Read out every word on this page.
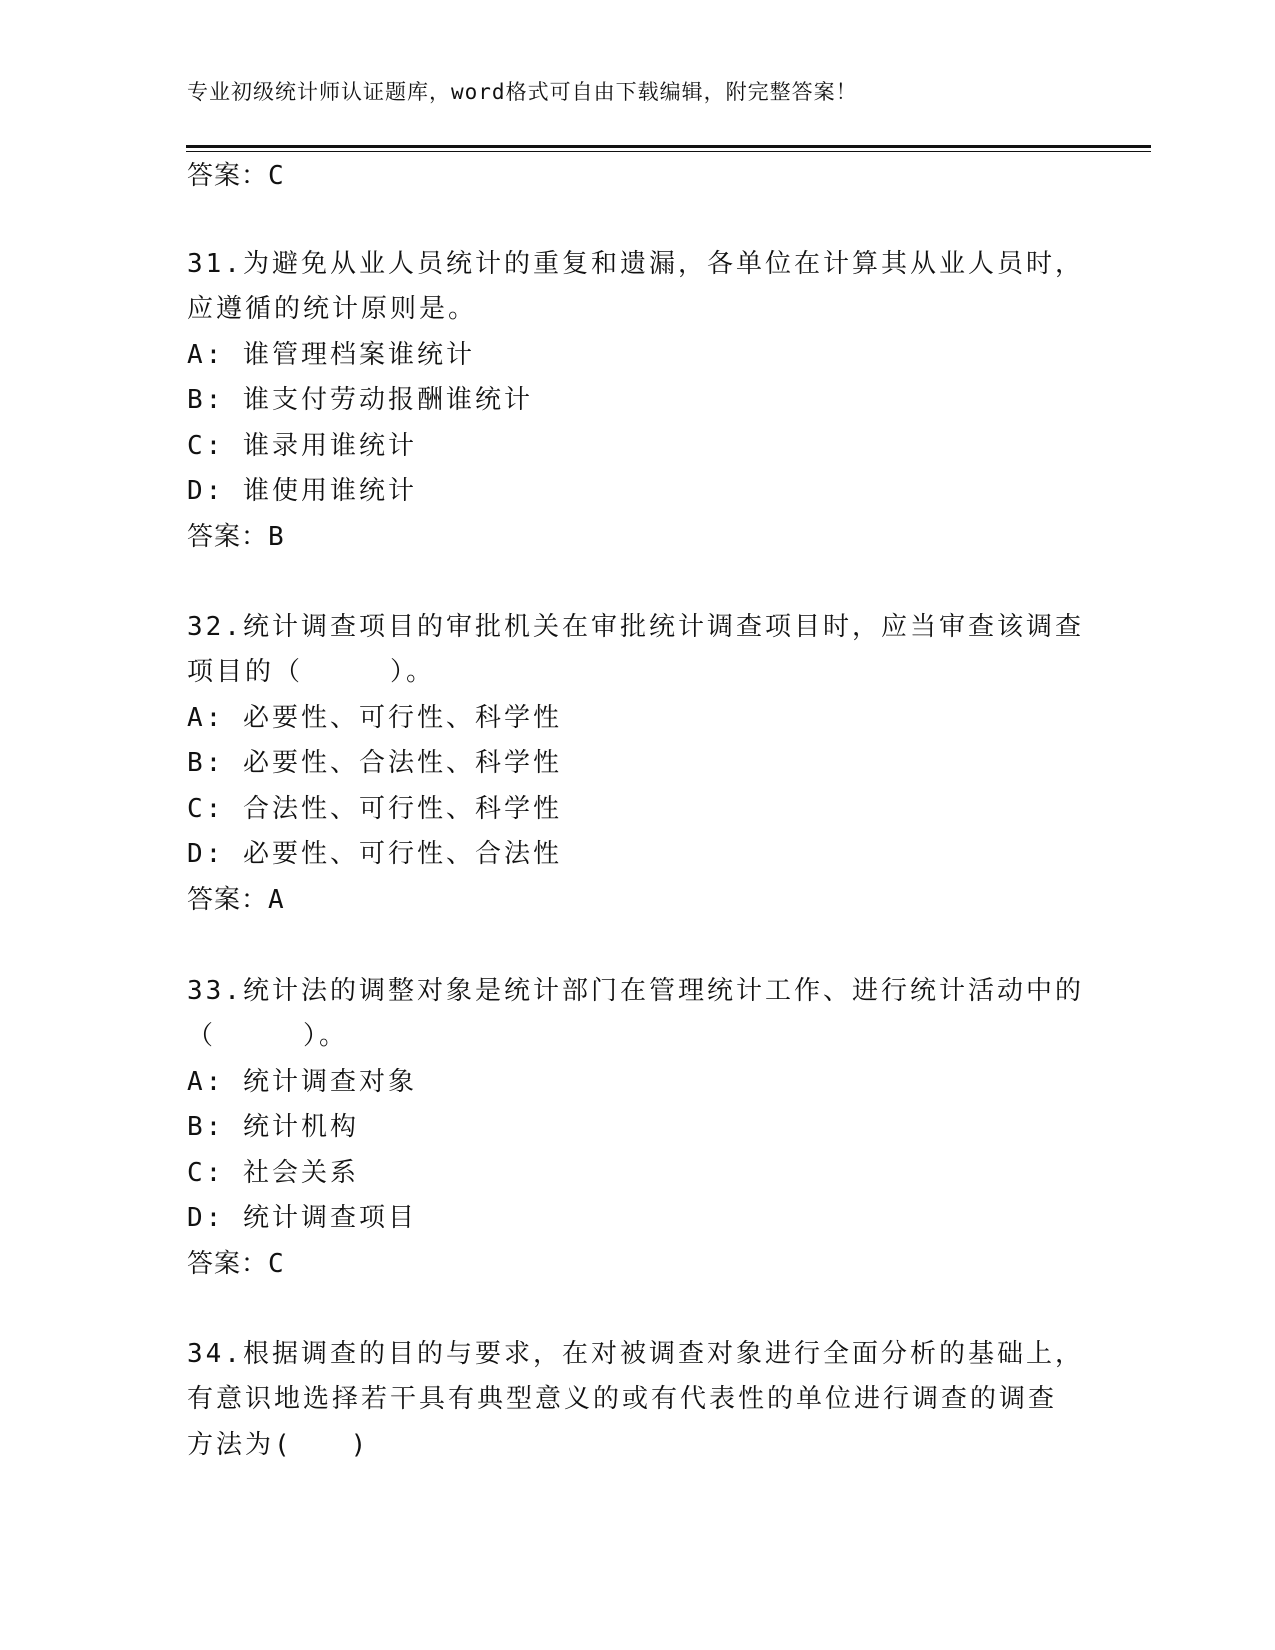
专业初级统计师认证题库，word格式可自由下载编辑，附完整答案！
答案：C
31.为避免从业人员统计的重复和遗漏，各单位在计算其从业人员时，
应遵循的统计原则是。
A: 谁管理档案谁统计
B: 谁支付劳动报酬谁统计
C: 谁录用谁统计
D: 谁使用谁统计
答案：B
32.统计调查项目的审批机关在审批统计调查项目时，应当审查该调查
项目的（　　　）。
A: 必要性、可行性、科学性
B: 必要性、合法性、科学性
C: 合法性、可行性、科学性
D: 必要性、可行性、合法性
答案：A
33.统计法的调整对象是统计部门在管理统计工作、进行统计活动中的
（　　　）。
A: 统计调查对象
B: 统计机构
C: 社会关系
D: 统计调查项目
答案：C
34.根据调查的目的与要求，在对被调查对象进行全面分析的基础上，
有意识地选择若干具有典型意义的或有代表性的单位进行调查的调查
方法为(　　)
